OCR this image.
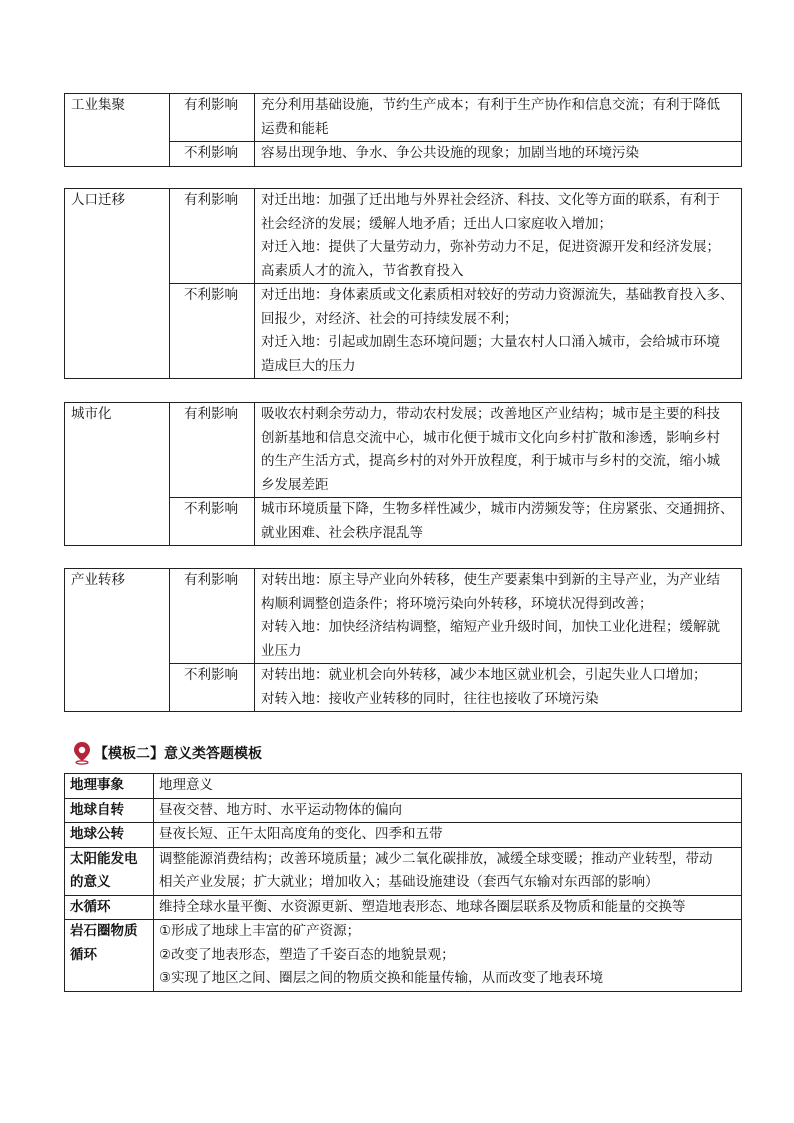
工业集聚	有利影响	充分利用基础设施，节约生产成本；有利于生产协作和信息交流；有利于降低
运费和能耗

	不利影响	容易出现争地、争水、争公共设施的现象；加剧当地的环境污染
人口迁移	有利影响	对迁出地：加强了迁出地与外界社会经济、科技、文化等方面的联系，有利于
社会经济的发展；缓解人地矛盾；迁出人口家庭收入增加；
对迁入地：提供了大量劳动力，弥补劳动力不足，促进资源开发和经济发展；
高素质人才的流入，节省教育投入

	不利影响	对迁出地：身体素质或文化素质相对较好的劳动力资源流失，基础教育投入多、
回报少，对经济、社会的可持续发展不利；
对迁入地：引起或加剧生态环境问题；大量农村人口涌入城市，会给城市环境
造成巨大的压力
城市化	有利影响	吸收农村剩余劳动力，带动农村发展；改善地区产业结构；城市是主要的科技
创新基地和信息交流中心，城市化便于城市文化向乡村扩散和渗透，影响乡村
的生产生活方式，提高乡村的对外开放程度，利于城市与乡村的交流，缩小城
乡发展差距

	不利影响	城市环境质量下降，生物多样性减少，城市内涝频发等；住房紧张、交通拥挤、
就业困难、社会秩序混乱等
产业转移	有利影响	对转出地：原主导产业向外转移，使生产要素集中到新的主导产业，为产业结
构顺利调整创造条件；将环境污染向外转移，环境状况得到改善；
对转入地：加快经济结构调整，缩短产业升级时间，加快工业化进程；缓解就
业压力

	不利影响	对转出地：就业机会向外转移，减少本地区就业机会，引起失业人口增加；
对转入地：接收产业转移的同时，往往也接收了环境污染
【模板二】意义类答题模板
地理事象	地理意义

地球自转	昼夜交替、地方时、水平运动物体的偏向

地球公转	昼夜长短、正午太阳高度角的变化、四季和五带

太阳能发电
的意义	调整能源消费结构；改善环境质量；减少二氧化碳排放，减缓全球变暖；推动产业转型，带动
相关产业发展；扩大就业；增加收入；基础设施建设（套西气东输对东西部的影响）

水循环	维持全球水量平衡、水资源更新、塑造地表形态、地球各圈层联系及物质和能量的交换等

岩石圈物质
循环	①形成了地球上丰富的矿产资源；
②改变了地表形态，塑造了千姿百态的地貌景观；
③实现了地区之间、圈层之间的物质交换和能量传输，从而改变了地表环境
